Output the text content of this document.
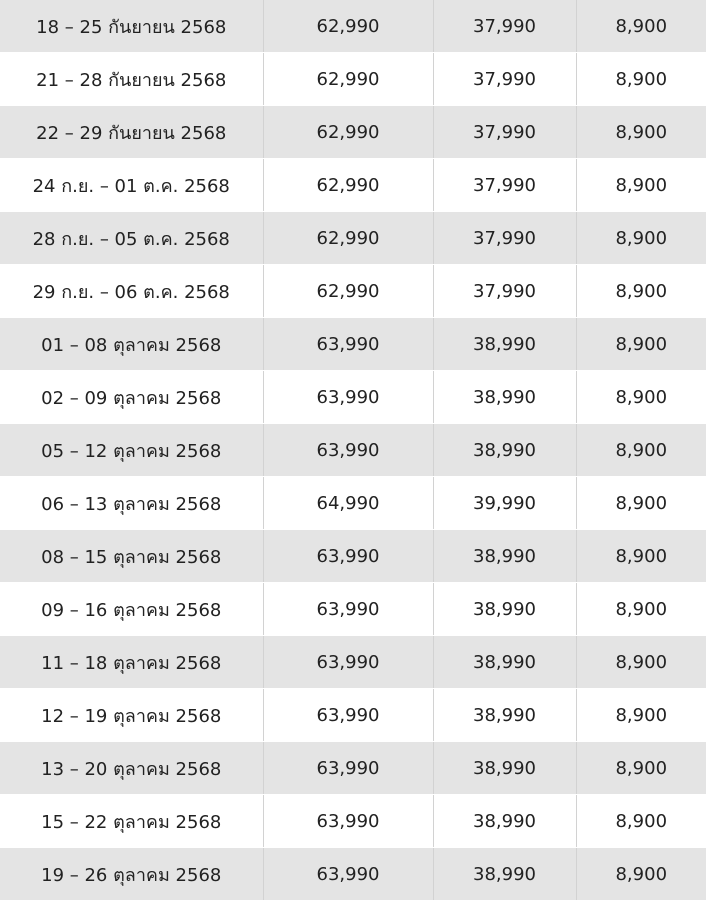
18 – 25 กันยายน 2568	62,990	37,990	8,900
21 – 28 กันยายน 2568	62,990	37,990	8,900
22 – 29 กันยายน 2568	62,990	37,990	8,900
24 ก.ย. – 01 ต.ค. 2568	62,990	37,990	8,900
28 ก.ย. – 05 ต.ค. 2568	62,990	37,990	8,900
29 ก.ย. – 06 ต.ค. 2568	62,990	37,990	8,900
01 – 08 ตุลาคม 2568	63,990	38,990	8,900
02 – 09 ตุลาคม 2568	63,990	38,990	8,900
05 – 12 ตุลาคม 2568	63,990	38,990	8,900
06 – 13 ตุลาคม 2568	64,990	39,990	8,900
08 – 15 ตุลาคม 2568	63,990	38,990	8,900
09 – 16 ตุลาคม 2568	63,990	38,990	8,900
11 – 18 ตุลาคม 2568	63,990	38,990	8,900
12 – 19 ตุลาคม 2568	63,990	38,990	8,900
13 – 20 ตุลาคม 2568	63,990	38,990	8,900
15 – 22 ตุลาคม 2568	63,990	38,990	8,900
19 – 26 ตุลาคม 2568	63,990	38,990	8,900
